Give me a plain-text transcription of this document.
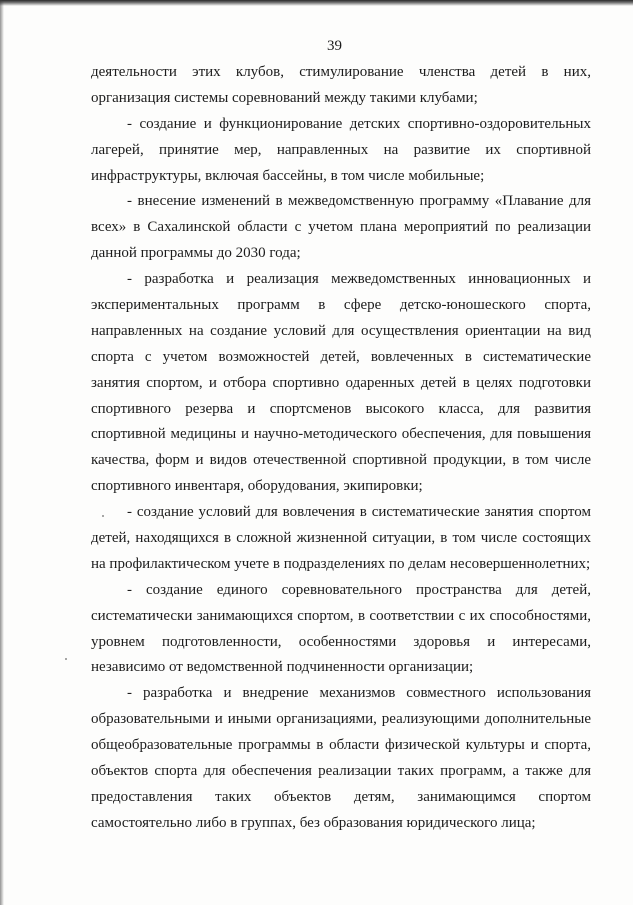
39
деятельности этих клубов, стимулирование членства детей в них,
организация системы соревнований между такими клубами;
- создание и функционирование детских спортивно-оздоровительных
лагерей, принятие мер, направленных на развитие их спортивной
инфраструктуры, включая бассейны, в том числе мобильные;
- внесение изменений в межведомственную программу «Плавание для
всех» в Сахалинской области с учетом плана мероприятий по реализации
данной программы до 2030 года;
- разработка и реализация межведомственных инновационных и
экспериментальных программ в сфере детско-юношеского спорта,
направленных на создание условий для осуществления ориентации на вид
спорта с учетом возможностей детей, вовлеченных в систематические
занятия спортом, и отбора спортивно одаренных детей в целях подготовки
спортивного резерва и спортсменов высокого класса, для развития
спортивной медицины и научно-методического обеспечения, для повышения
качества, форм и видов отечественной спортивной продукции, в том числе
спортивного инвентаря, оборудования, экипировки;
- создание условий для вовлечения в систематические занятия спортом
детей, находящихся в сложной жизненной ситуации, в том числе состоящих
на профилактическом учете в подразделениях по делам несовершеннолетних;
- создание единого соревновательного пространства для детей,
систематически занимающихся спортом, в соответствии с их способностями,
уровнем подготовленности, особенностями здоровья и интересами,
независимо от ведомственной подчиненности организации;
- разработка и внедрение механизмов совместного использования
образовательными и иными организациями, реализующими дополнительные
общеобразовательные программы в области физической культуры и спорта,
объектов спорта для обеспечения реализации таких программ, а также для
предоставления таких объектов детям, занимающимся спортом
самостоятельно либо в группах, без образования юридического лица;
